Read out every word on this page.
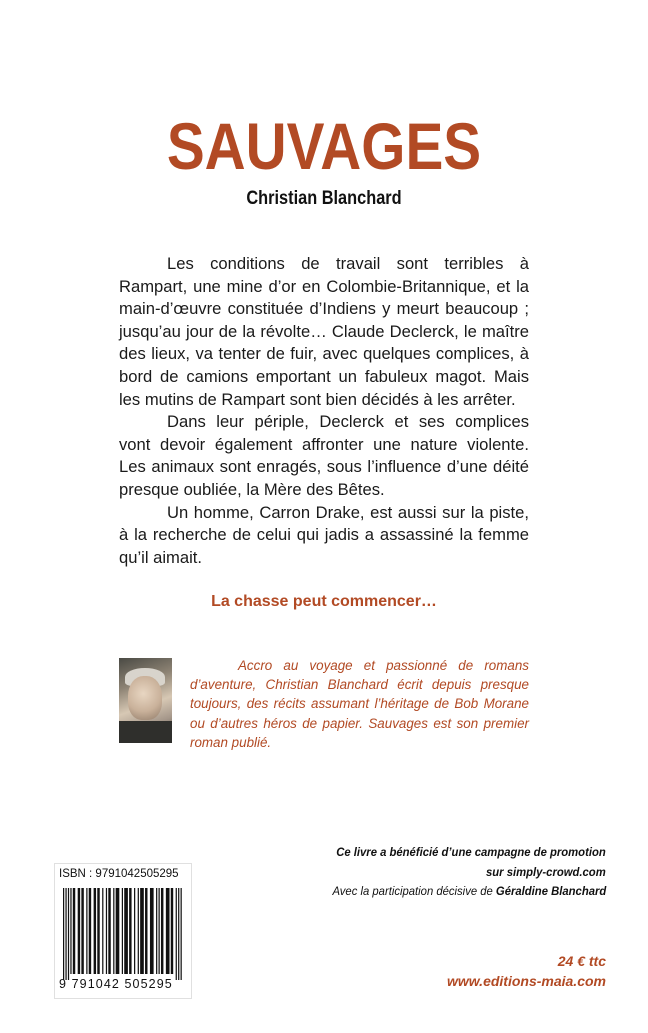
SAUVAGES
Christian Blanchard

Les conditions de travail sont terribles à Rampart, une mine d’or en Colombie-Britannique, et la main-d’œuvre constituée d’Indiens y meurt beaucoup ; jusqu’au jour de la révolte… Claude Declerck, le maître des lieux, va tenter de fuir, avec quelques complices, à bord de camions emportant un fabuleux magot. Mais les mutins de Rampart sont bien décidés à les arrêter.

Dans leur périple, Declerck et ses complices vont devoir également affronter une nature violente. Les animaux sont enragés, sous l’influence d’une déité presque oubliée, la Mère des Bêtes.

Un homme, Carron Drake, est aussi sur la piste, à la recherche de celui qui jadis a assassiné la femme qu’il aimait.

La chasse peut commencer…

Accro au voyage et passionné de romans d’aventure, Christian Blanchard écrit depuis presque toujours, des récits assumant l’héritage de Bob Morane ou d’autres héros de papier. Sauvages est son premier roman publié.

Ce livre a bénéficié d’une campagne de promotion
sur simply-crowd.com
Avec la participation décisive de Géraldine Blanchard
24 € ttc
www.editions-maia.com
ISBN : 9791042505295
9 791042 505295
